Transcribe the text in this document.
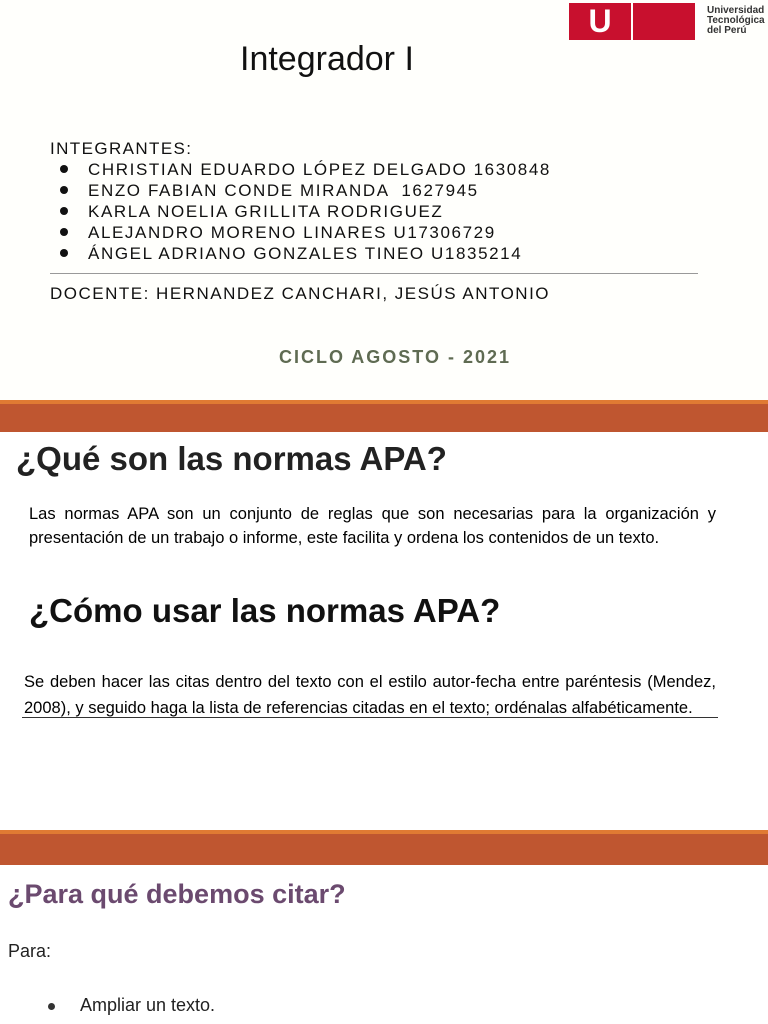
U	Universidad
Tecnológica
del Perú
Integrador I
INTEGRANTES:
CHRISTIAN EDUARDO LÓPEZ DELGADO 1630848
ENZO FABIAN CONDE MIRANDA  1627945
KARLA NOELIA GRILLITA RODRIGUEZ
ALEJANDRO MORENO LINARES U17306729
ÁNGEL ADRIANO GONZALES TINEO U1835214
DOCENTE: HERNANDEZ CANCHARI, JESÚS ANTONIO
CICLO AGOSTO - 2021
¿Qué son las normas APA?
Las normas APA son un conjunto de reglas que son necesarias para la organización y presentación de un trabajo o informe, este facilita y ordena los contenidos de un texto.
¿Cómo usar las normas APA?
Se deben hacer las citas dentro del texto con el estilo autor-fecha entre paréntesis (Mendez, 2008), y seguido haga la lista de referencias citadas en el texto; ordénalas alfabéticamente.
¿Para qué debemos citar?
Para:
Ampliar un texto.
